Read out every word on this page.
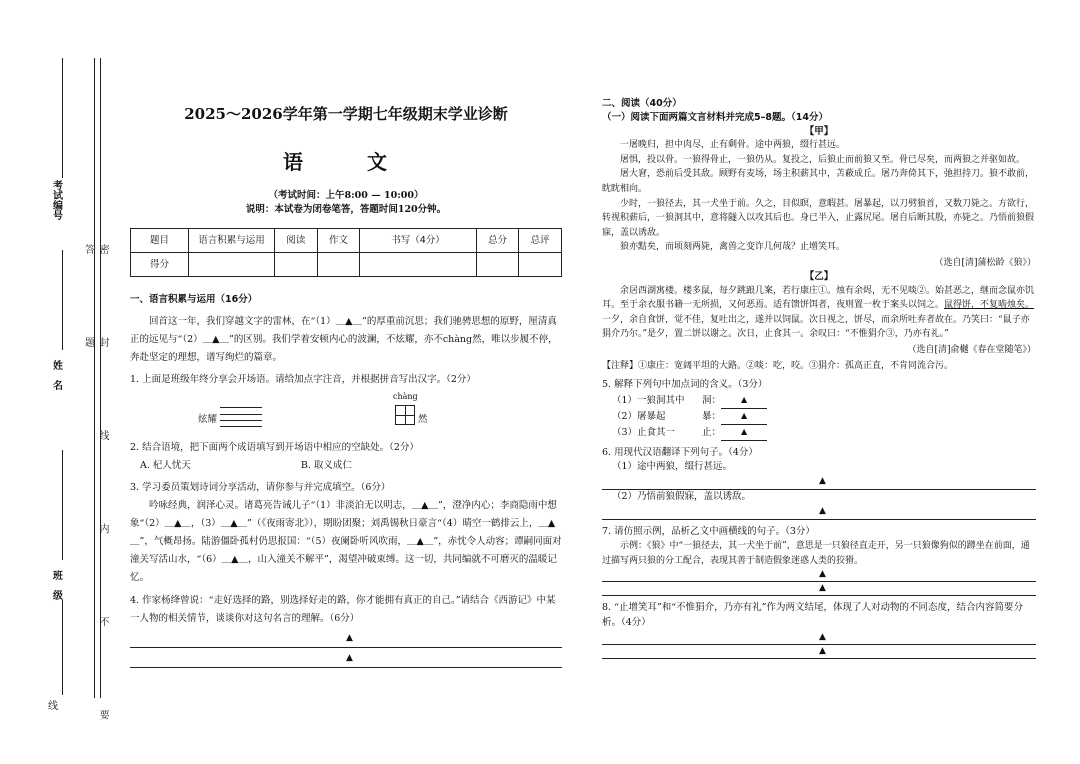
考试编号
姓　名
班　级	密 封 线 内 不 要 答 题
线
2025～2026学年第一学期七年级期末学业诊断
语　文
（考试时间：上午8:00 — 10:00）
说明：本试卷为闭卷笔答，答题时间120分钟。
题目	语言积累与运用	阅读	作文	书写（4分）	总分	总评
得分						
一、语言积累与运用（16分）
回首这一年，我们穿越文字的雷林，在“（1）＿▲＿”的厚重前沉思；我们驰骋思想的原野，厘清真正的远见与“（2）＿▲＿”的区别。我们学着安顿内心的波澜，不炫耀，亦不chàng然，唯以步履不停，奔赴坚定的理想，谱写绚烂的篇章。
1. 上面是班级年终分享会开场语。请给加点字注音，并根据拼音写出汉字。（2分）
chàng
炫耀	然
2. 结合语境，把下面两个成语填写到开场语中相应的空缺处。（2分）
A. 杞人忧天	B. 取义成仁
3. 学习委员策划诗词分享活动，请你参与并完成填空。（6分）
吟咏经典，润泽心灵。诸葛亮告诫儿子“（1）非淡泊无以明志，＿▲＿”，澄净内心；李商隐雨中想象“（2）＿▲＿，（3）＿▲＿”（《夜雨寄北》），期盼团聚；刘禹锡秋日豪言“（4）晴空一鹤排云上，＿▲＿”，气概昂扬。陆游僵卧孤村仍思报国：“（5）夜阑卧听风吹雨，＿▲＿”，赤忱令人动容；谭嗣同面对潼关写活山水，“（6）＿▲＿，山入潼关不解平”，渴望冲破束缚。这一切，共同编就不可磨灭的温暖记忆。
4. 作家杨绛曾说：“走好选择的路，别选择好走的路，你才能拥有真正的自己。”请结合《西游记》中某一人物的相关情节，谈谈你对这句名言的理解。（6分）
▲
▲
二、阅读（40分）
（一）阅读下面两篇文言材料并完成5–8题。（14分）
【甲】
一屠晚归，担中肉尽，止有剩骨。途中两狼，缀行甚远。
屠惧，投以骨。一狼得骨止，一狼仍从。复投之，后狼止而前狼又至。骨已尽矣，而两狼之并驱如故。
屠大窘，恐前后受其敌。顾野有麦场，场主积薪其中，苫蔽成丘。屠乃奔倚其下，弛担持刀。狼不敢前，眈眈相向。
少时，一狼径去，其一犬坐于前。久之，目似瞑，意暇甚。屠暴起，以刀劈狼首，又数刀毙之。方欲行，转视积薪后，一狼洞其中，意将隧入以攻其后也。身已半入，止露尻尾。屠自后断其股，亦毙之。乃悟前狼假寐，盖以诱敌。
狼亦黠矣，而顷刻两毙，禽兽之变诈几何哉？止增笑耳。
（选自[清]蒲松龄《狼》）
【乙】
余居西湖寓楼。楼多鼠，每夕跳踉几案，若行康庄①。烛有余烬，无不见啖②。始甚恶之，继而念鼠亦饥耳。至于余衣服书籍一无所损，又何恶焉。适有馈饼饵者，夜则置一枚于案头以饲之。鼠得饼，不复啮烛矣。一夕，余自食饼，觉不佳，复吐出之，遂并以饲鼠。次日视之，饼尽，而余所吐弃者故在。乃笑曰：“鼠子亦狷介乃尔。”是夕，置二饼以谢之。次日，止食其一。余叹曰：“不惟狷介③，乃亦有礼。”
（选自[清]俞樾《春在堂随笔》）
【注释】①康庄：宽阔平坦的大路。②啖：吃，咬。③狷介：孤高正直，不肯同流合污。
5. 解释下列句中加点词的含义。（3分）
（1）一狼洞其中	洞：	▲
（2）屠暴起	暴：	▲
（3）止食其一	止：	▲
6. 用现代汉语翻译下列句子。（4分）
（1）途中两狼，缀行甚远。
▲
（2）乃悟前狼假寐，盖以诱敌。
▲
7. 请仿照示例，品析乙文中画横线的句子。（3分）
示例：《狼》中“一狼径去，其一犬坐于前”，意思是一只狼径直走开，另一只狼像狗似的蹲坐在前面，通过描写两只狼的分工配合，表现其善于制造假象迷惑人类的狡猾。
▲
▲
8. “止增笑耳”和“不惟狷介，乃亦有礼”作为两文结尾，体现了人对动物的不同态度，结合内容简要分析。（4分）
▲
▲
